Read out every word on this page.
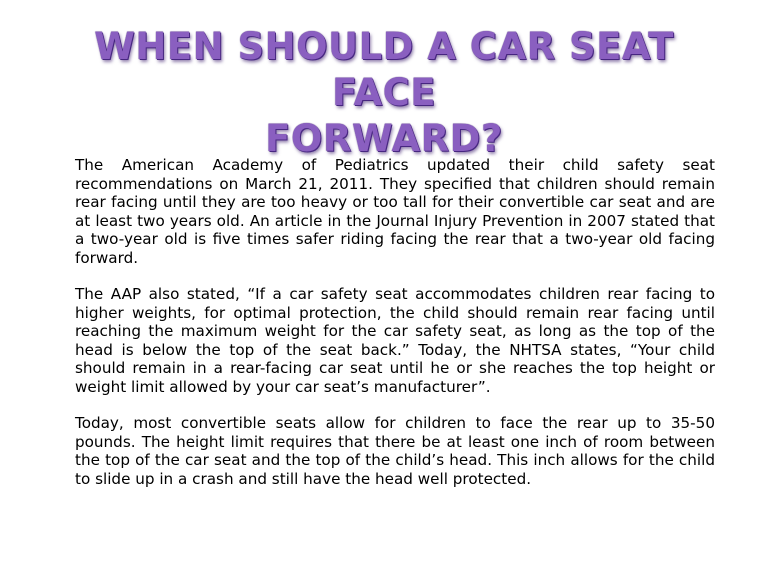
WHEN SHOULD A CAR SEAT FACE
FORWARD?

The American Academy of Pediatrics updated their child safety seat recommendations on March 21, 2011. They specified that children should remain rear facing until they are too heavy or too tall for their convertible car seat and are at least two years old. An article in the Journal Injury Prevention in 2007 stated that a two-year old is five times safer riding facing the rear that a two-year old facing forward.

The AAP also stated, “If a car safety seat accommodates children rear facing to higher weights, for optimal protection, the child should remain rear facing until reaching the maximum weight for the car safety seat, as long as the top of the head is below the top of the seat back.” Today, the NHTSA states, “Your child should remain in a rear-facing car seat until he or she reaches the top height or weight limit allowed by your car seat’s manufacturer”.

Today, most convertible seats allow for children to face the rear up to 35-50 pounds. The height limit requires that there be at least one inch of room between the top of the car seat and the top of the child’s head. This inch allows for the child to slide up in a crash and still have the head well protected.
